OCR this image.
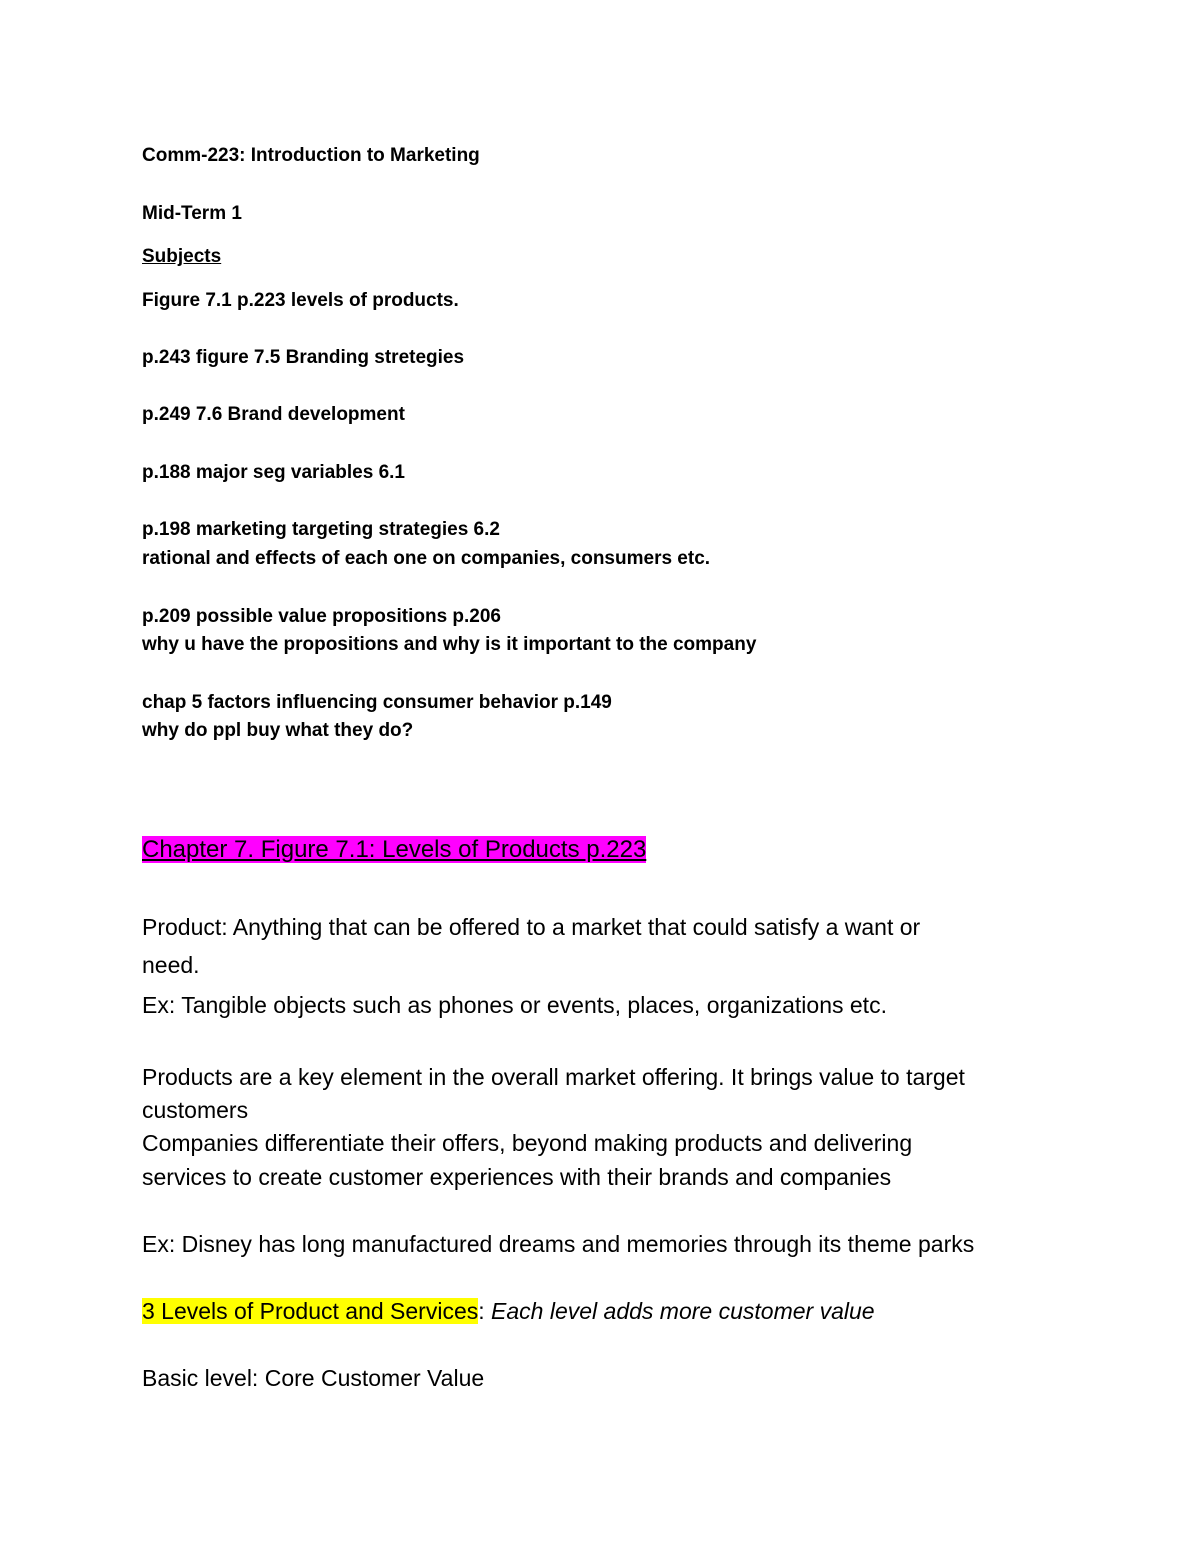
Comm-223: Introduction to Marketing

Mid-Term 1

Subjects

Figure 7.1 p.223 levels of products.

p.243 figure 7.5 Branding stretegies

p.249 7.6 Brand development

p.188 major seg variables 6.1

p.198 marketing targeting strategies 6.2

rational and effects of each one on companies, consumers etc.

p.209 possible value propositions p.206

why u have the propositions and why is it important to the company

chap 5 factors influencing consumer behavior p.149

why do ppl buy what they do?

Chapter 7. Figure 7.1: Levels of Products p.223

Product: Anything that can be offered to a market that could satisfy a want or

need.

Ex: Tangible objects such as phones or events, places, organizations etc.

Products are a key element in the overall market offering. It brings value to target

customers

Companies differentiate their offers, beyond making products and delivering

services to create customer experiences with their brands and companies

Ex: Disney has long manufactured dreams and memories through its theme parks

3 Levels of Product and Services: Each level adds more customer value

Basic level: Core Customer Value
